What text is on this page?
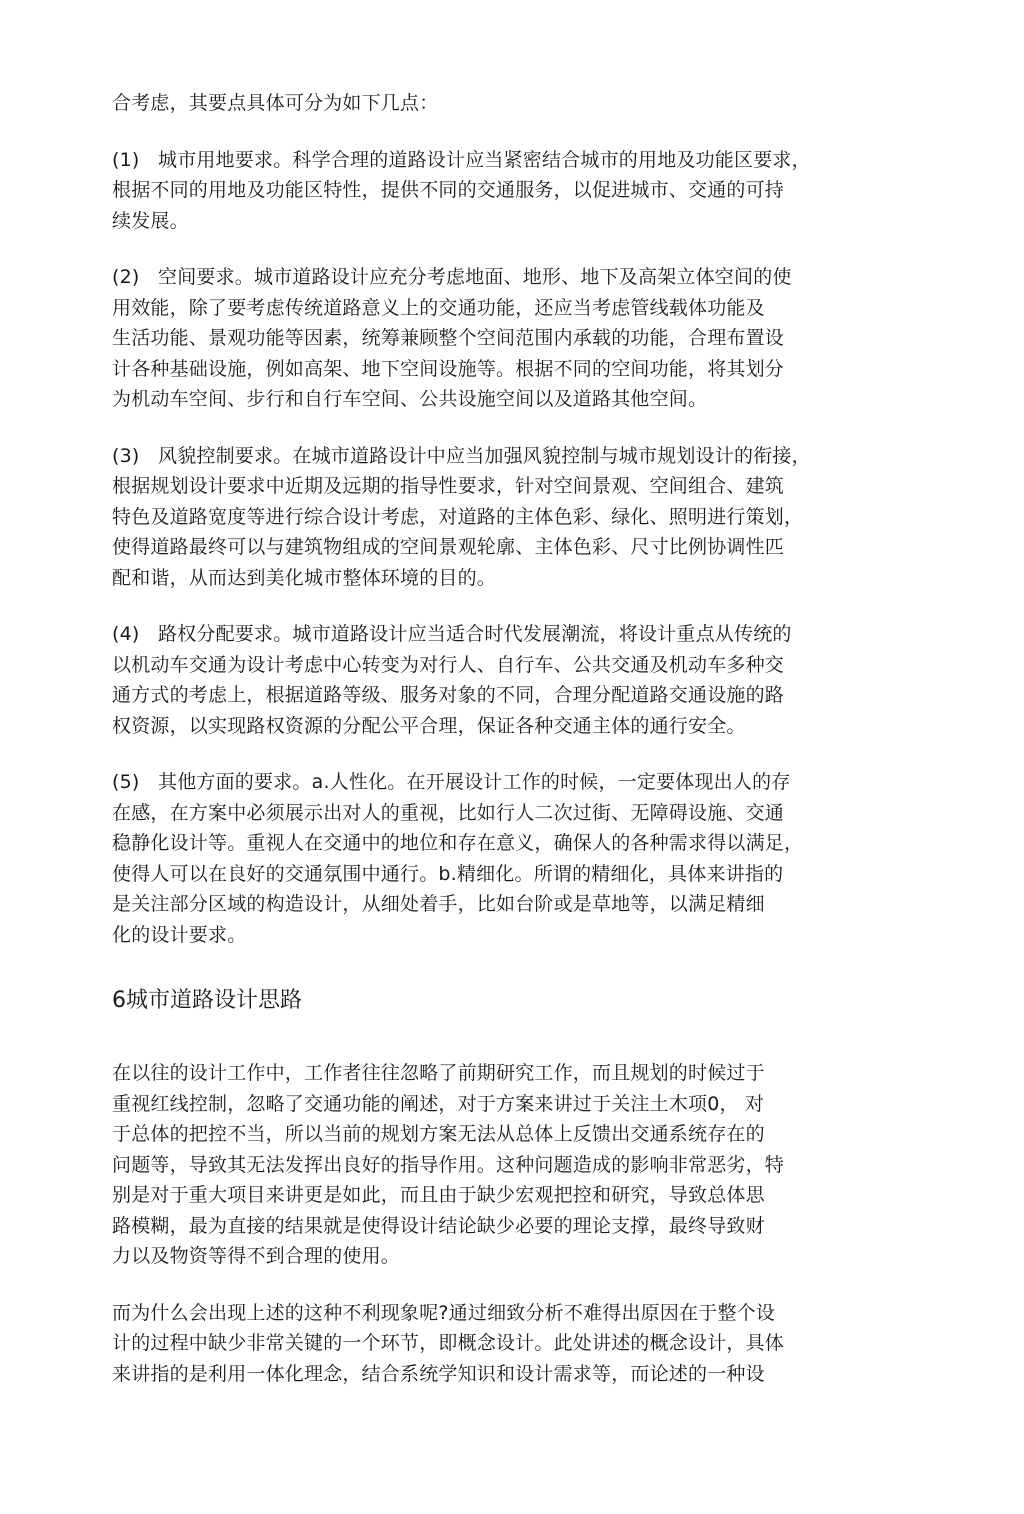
合考虑，其要点具体可分为如下几点：
(1) 城市用地要求。科学合理的道路设计应当紧密结合城市的用地及功能区要求，
根据不同的用地及功能区特性，提供不同的交通服务，以促进城市、交通的可持
续发展。
(2) 空间要求。城市道路设计应充分考虑地面、地形、地下及高架立体空间的使
用效能，除了要考虑传统道路意义上的交通功能，还应当考虑管线载体功能及
生活功能、景观功能等因素，统筹兼顾整个空间范围内承载的功能，合理布置设
计各种基础设施，例如高架、地下空间设施等。根据不同的空间功能，将其划分
为机动车空间、步行和自行车空间、公共设施空间以及道路其他空间。
(3) 风貌控制要求。在城市道路设计中应当加强风貌控制与城市规划设计的衔接，
根据规划设计要求中近期及远期的指导性要求，针对空间景观、空间组合、建筑
特色及道路宽度等进行综合设计考虑，对道路的主体色彩、绿化、照明进行策划，
使得道路最终可以与建筑物组成的空间景观轮廓、主体色彩、尺寸比例协调性匹
配和谐，从而达到美化城市整体环境的目的。
(4) 路权分配要求。城市道路设计应当适合时代发展潮流，将设计重点从传统的
以机动车交通为设计考虑中心转变为对行人、自行车、公共交通及机动车多种交
通方式的考虑上，根据道路等级、服务对象的不同，合理分配道路交通设施的路
权资源，以实现路权资源的分配公平合理，保证各种交通主体的通行安全。
(5) 其他方面的要求。a.人性化。在开展设计工作的时候，一定要体现出人的存
在感，在方案中必须展示出对人的重视，比如行人二次过街、无障碍设施、交通
稳静化设计等。重视人在交通中的地位和存在意义，确保人的各种需求得以满足，
使得人可以在良好的交通氛围中通行。b.精细化。所谓的精细化，具体来讲指的
是关注部分区域的构造设计，从细处着手，比如台阶或是草地等，以满足精细
化的设计要求。
6城市道路设计思路
在以往的设计工作中，工作者往往忽略了前期研究工作，而且规划的时候过于
重视红线控制，忽略了交通功能的阐述，对于方案来讲过于关注土木项0， 对
于总体的把控不当，所以当前的规划方案无法从总体上反馈出交通系统存在的
问题等，导致其无法发挥出良好的指导作用。这种问题造成的影响非常恶劣，特
别是对于重大项目来讲更是如此，而且由于缺少宏观把控和研究，导致总体思
路模糊，最为直接的结果就是使得设计结论缺少必要的理论支撑，最终导致财
力以及物资等得不到合理的使用。
而为什么会出现上述的这种不利现象呢?通过细致分析不难得出原因在于整个设
计的过程中缺少非常关键的一个环节，即概念设计。此处讲述的概念设计，具体
来讲指的是利用一体化理念，结合系统学知识和设计需求等，而论述的一种设
